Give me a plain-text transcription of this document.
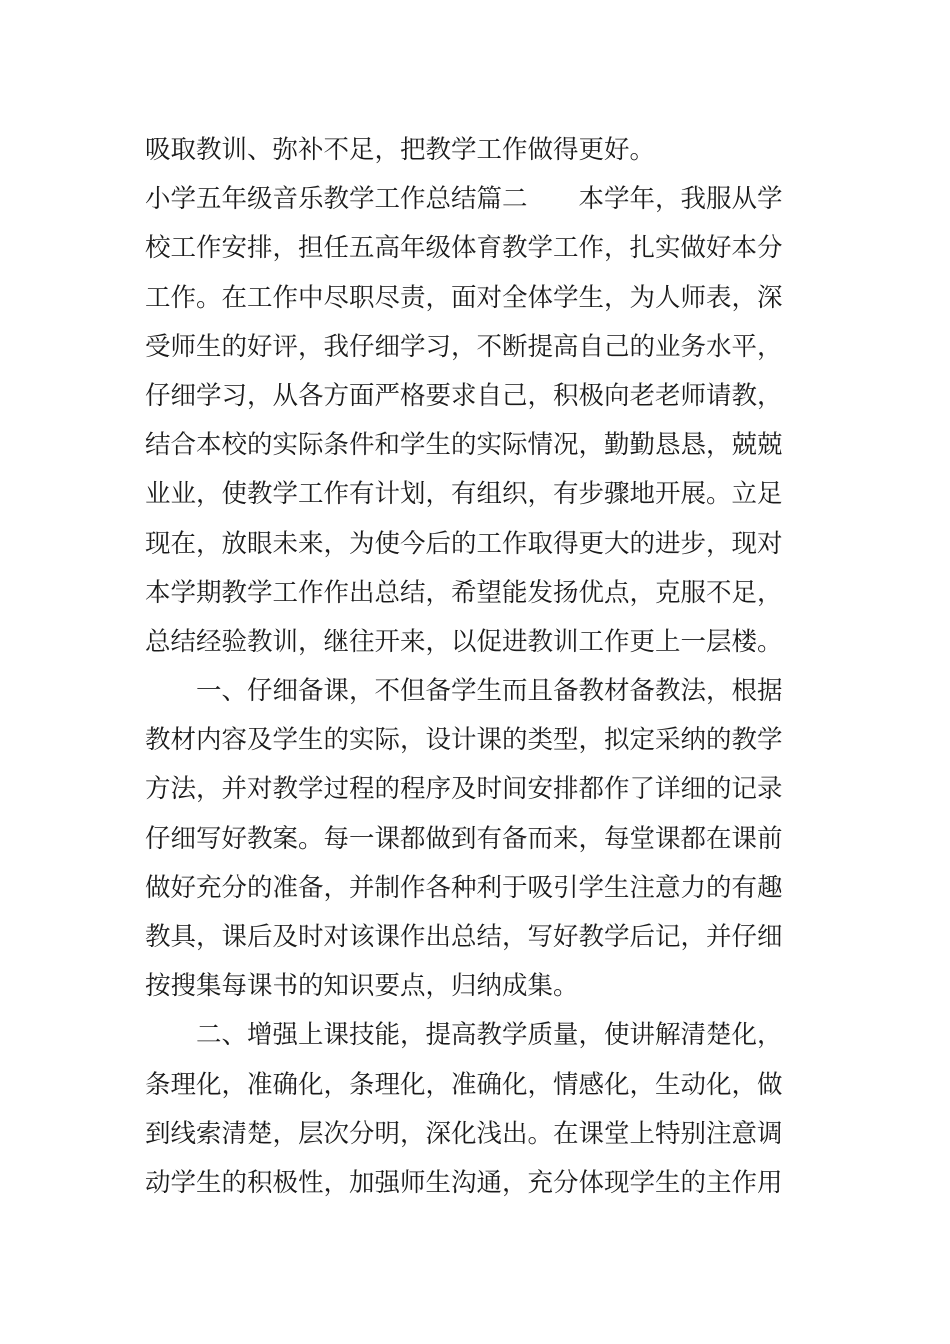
吸取教训、弥补不足，把教学工作做得更好。
小学五年级音乐教学工作总结篇二　　本学年，我服从学
校工作安排，担任五高年级体育教学工作，扎实做好本分
工作。在工作中尽职尽责，面对全体学生，为人师表，深
受师生的好评，我仔细学习，不断提高自己的业务水平，
仔细学习，从各方面严格要求自己，积极向老老师请教，
结合本校的实际条件和学生的实际情况，勤勤恳恳，兢兢
业业，使教学工作有计划，有组织，有步骤地开展。立足
现在，放眼未来，为使今后的工作取得更大的进步，现对
本学期教学工作作出总结，希望能发扬优点，克服不足，
总结经验教训，继往开来，以促进教训工作更上一层楼。
　　一、仔细备课，不但备学生而且备教材备教法，根据
教材内容及学生的实际，设计课的类型，拟定采纳的教学
方法，并对教学过程的程序及时间安排都作了详细的记录
仔细写好教案。每一课都做到有备而来，每堂课都在课前
做好充分的准备，并制作各种利于吸引学生注意力的有趣
教具，课后及时对该课作出总结，写好教学后记，并仔细
按搜集每课书的知识要点，归纳成集。
　　二、增强上课技能，提高教学质量，使讲解清楚化，
条理化，准确化，条理化，准确化，情感化，生动化，做
到线索清楚，层次分明，深化浅出。在课堂上特别注意调
动学生的积极性，加强师生沟通，充分体现学生的主作用
